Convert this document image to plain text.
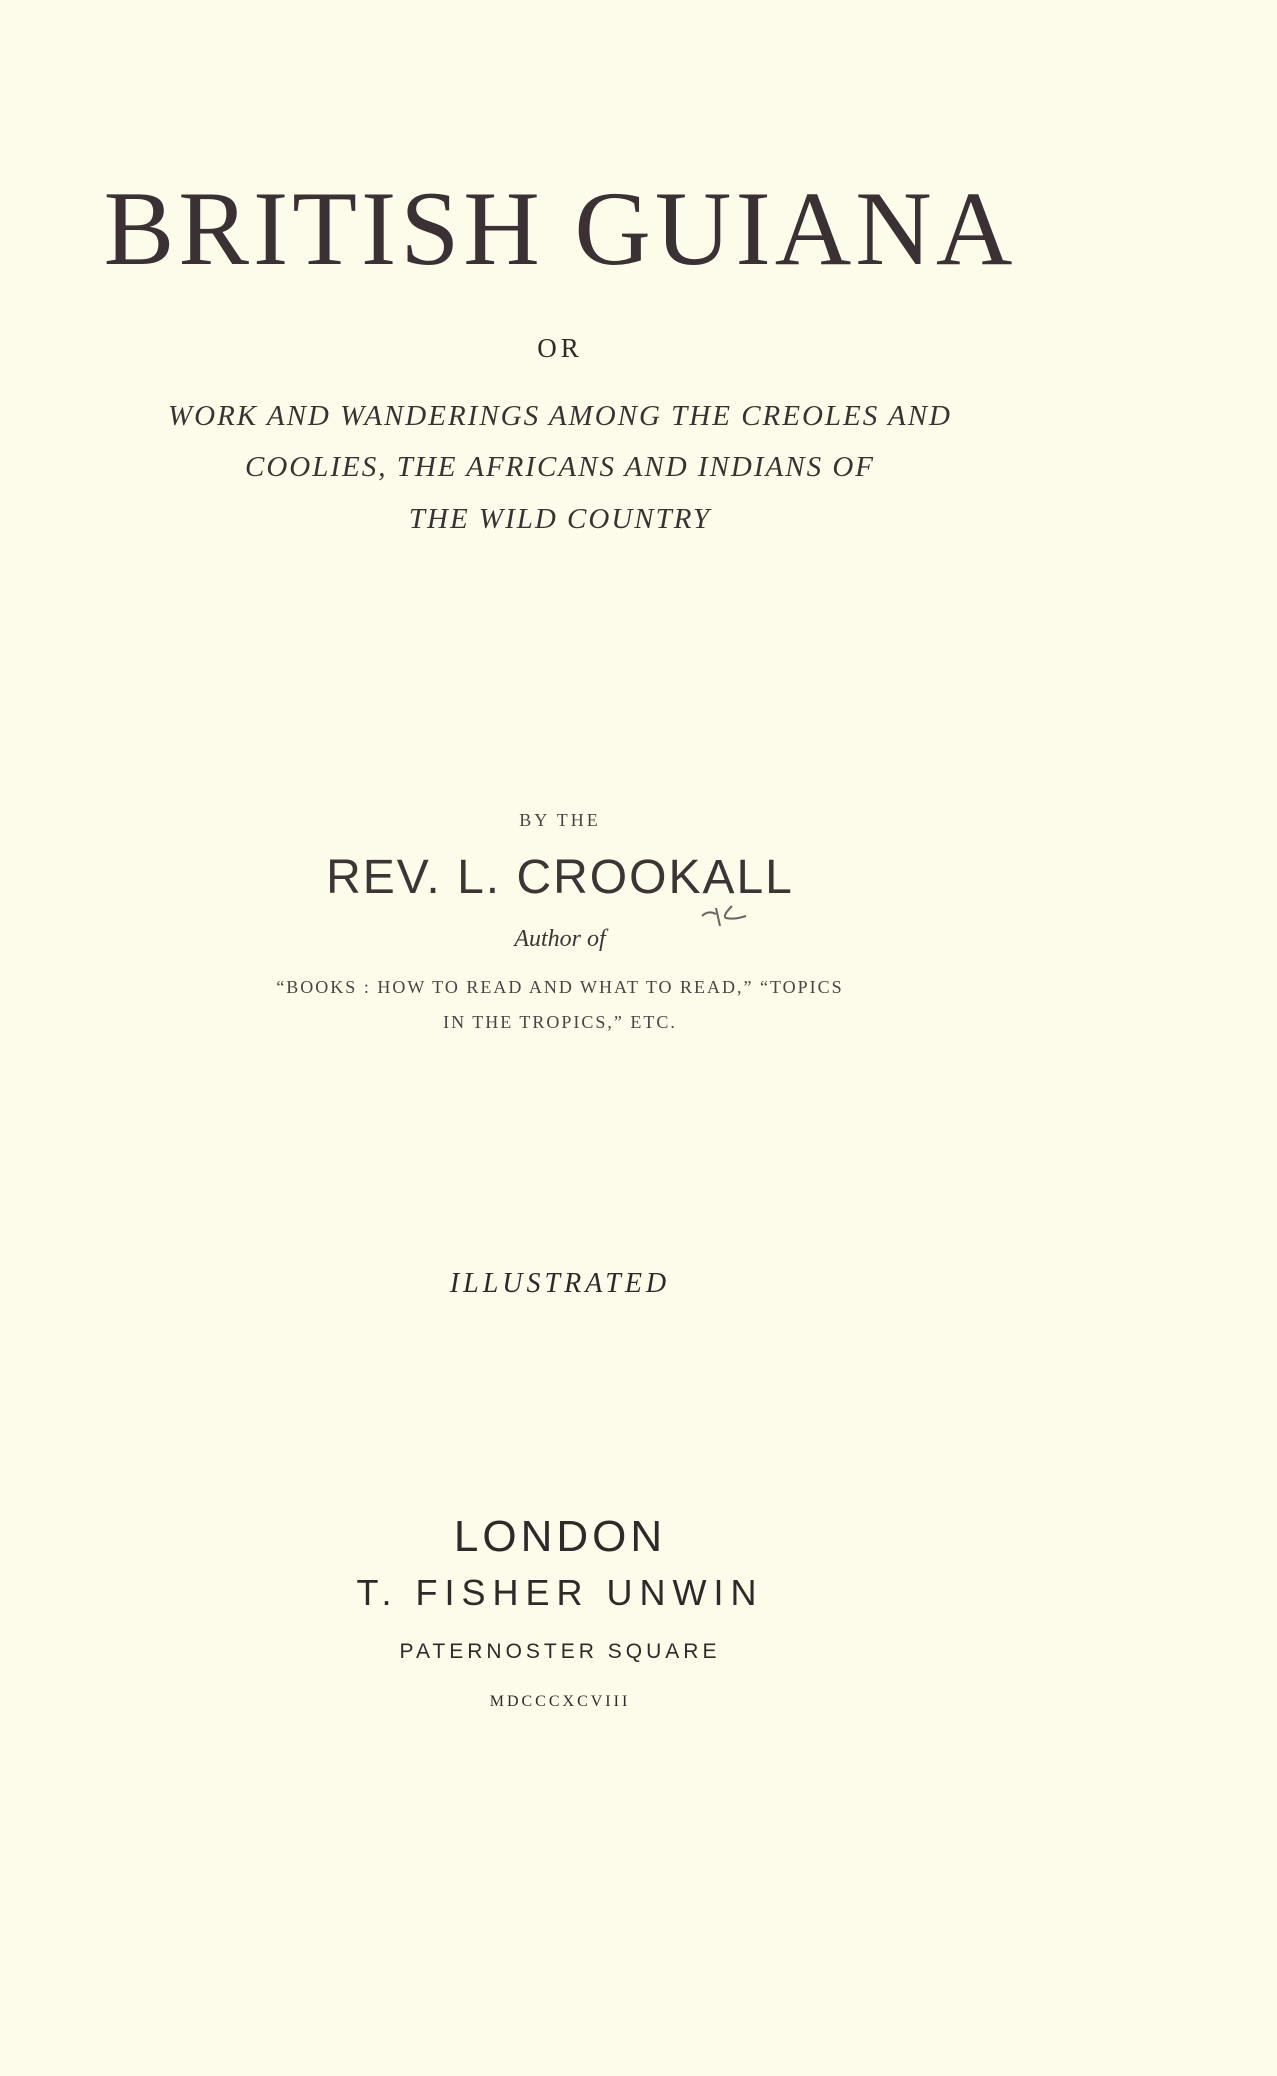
BRITISH GUIANA
OR
WORK AND WANDERINGS AMONG THE CREOLES AND
COOLIES, THE AFRICANS AND INDIANS OF
THE WILD COUNTRY
BY THE
REV. L. CROOKALL
Author of
“BOOKS : HOW TO READ AND WHAT TO READ,” “TOPICS
IN THE TROPICS,” ETC.
ILLUSTRATED
LONDON
T. FISHER UNWIN
PATERNOSTER SQUARE
MDCCCXCVIII
